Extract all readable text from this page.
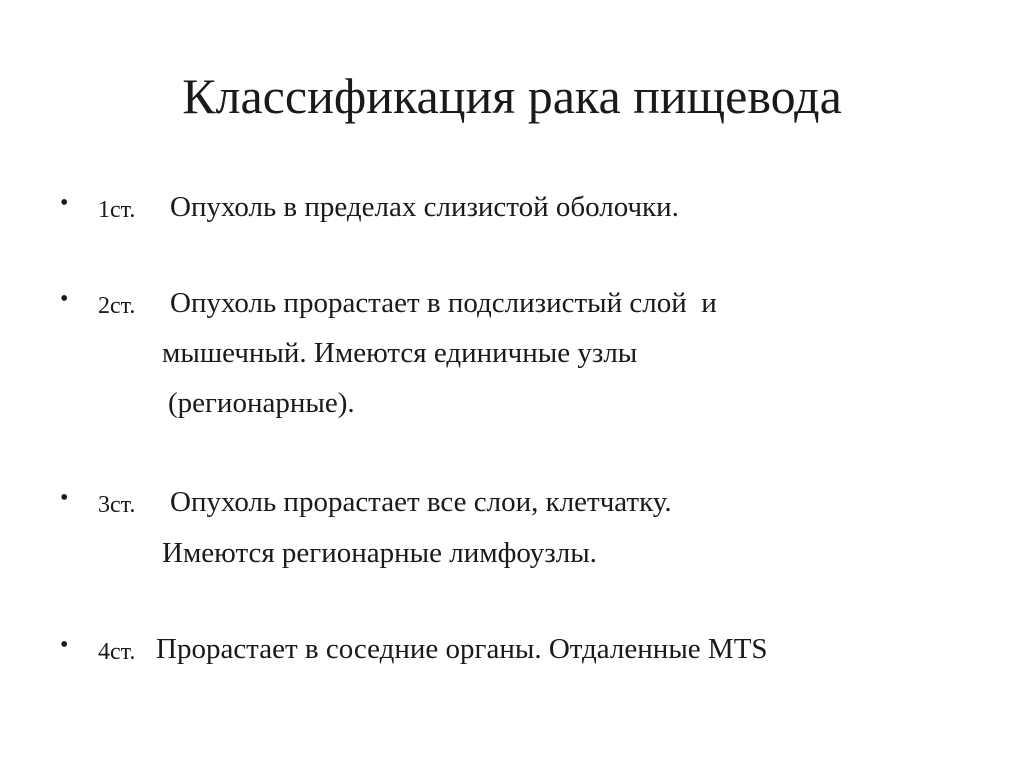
Классификация рака пищевода
• 1ст. Опухоль в пределах слизистой оболочки.
• 2ст. Опухоль прорастает в подслизистый слой  и
мышечный. Имеются единичные узлы
(регионарные).
• 3ст. Опухоль прорастает все слои, клетчатку.
Имеются регионарные лимфоузлы.
• 4ст. Прорастает в соседние органы. Отдаленные MTS
